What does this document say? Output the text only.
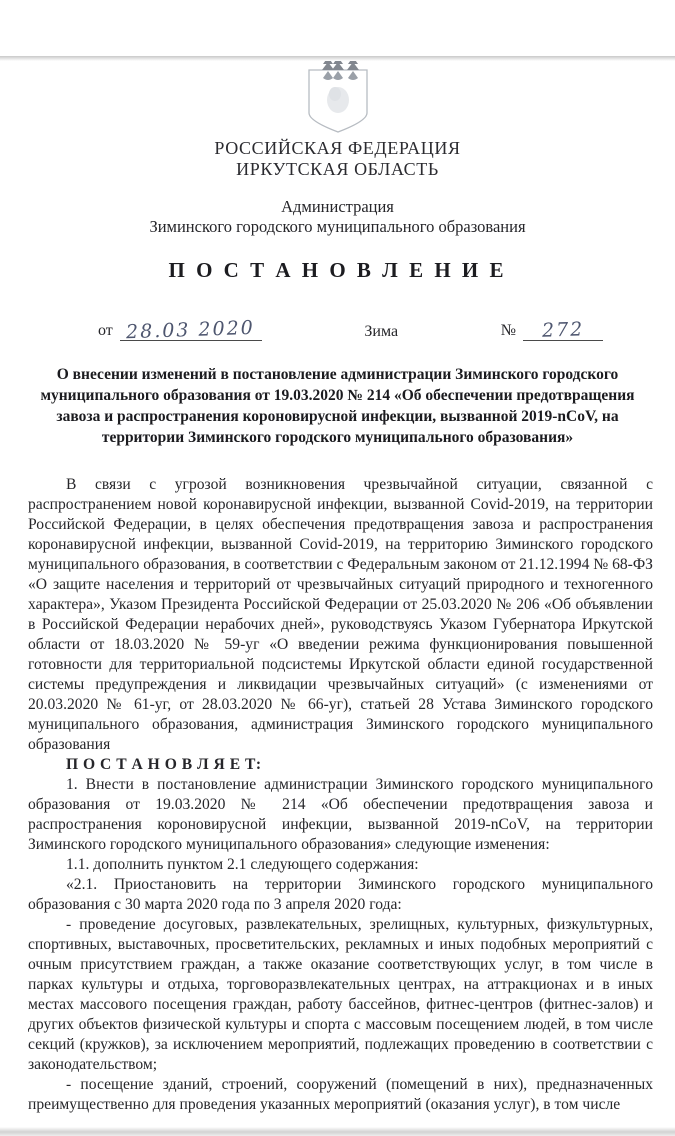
РОССИЙСКАЯ ФЕДЕРАЦИЯ
ИРКУТСКАЯ ОБЛАСТЬ
Администрация
Зиминского городского муниципального образования
П О С Т А Н О В Л Е Н И Е
от 28.03 2020	Зима	№ 272
О внесении изменений в постановление администрации Зиминского городского муниципального образования от 19.03.2020 № 214 «Об обеспечении предотвращения завоза и распространения короновирусной инфекции, вызванной 2019-nCoV, на территории Зиминского городского муниципального образования»

В связи с угрозой возникновения чрезвычайной ситуации, связанной с распространением новой коронавирусной инфекции, вызванной Covid-2019, на территории Российской Федерации, в целях обеспечения предотвращения завоза и распространения коронавирусной инфекции, вызванной Covid-2019, на территорию Зиминского городского муниципального образования, в соответствии с Федеральным законом от 21.12.1994 № 68-ФЗ «О защите населения и территорий от чрезвычайных ситуаций природного и техногенного характера», Указом Президента Российской Федерации от 25.03.2020 № 206 «Об объявлении в Российской Федерации нерабочих дней», руководствуясь Указом Губернатора Иркутской области от 18.03.2020 № 59-уг «О введении режима функционирования повышенной готовности для территориальной подсистемы Иркутской области единой государственной системы предупреждения и ликвидации чрезвычайных ситуаций» (с изменениями от 20.03.2020 № 61-уг, от 28.03.2020 № 66-уг), статьей 28 Устава Зиминского городского муниципального образования, администрация Зиминского городского муниципального образования

П О С Т А Н О В Л Я Е Т:

1. Внести в постановление администрации Зиминского городского муниципального образования от 19.03.2020 № 214 «Об обеспечении предотвращения завоза и распространения короновирусной инфекции, вызванной 2019-nCoV, на территории Зиминского городского муниципального образования» следующие изменения:

1.1. дополнить пунктом 2.1 следующего содержания:

«2.1. Приостановить на территории Зиминского городского муниципального образования с 30 марта 2020 года по 3 апреля 2020 года:

- проведение досуговых, развлекательных, зрелищных, культурных, физкультурных, спортивных, выставочных, просветительских, рекламных и иных подобных мероприятий с очным присутствием граждан, а также оказание соответствующих услуг, в том числе в парках культуры и отдыха, торговоразвлекательных центрах, на аттракционах и в иных местах массового посещения граждан, работу бассейнов, фитнес-центров (фитнес-залов) и других объектов физической культуры и спорта с массовым посещением людей, в том числе секций (кружков), за исключением мероприятий, подлежащих проведению в соответствии с законодательством;

- посещение зданий, строений, сооружений (помещений в них), предназначенных преимущественно для проведения указанных мероприятий (оказания услуг), в том числе
